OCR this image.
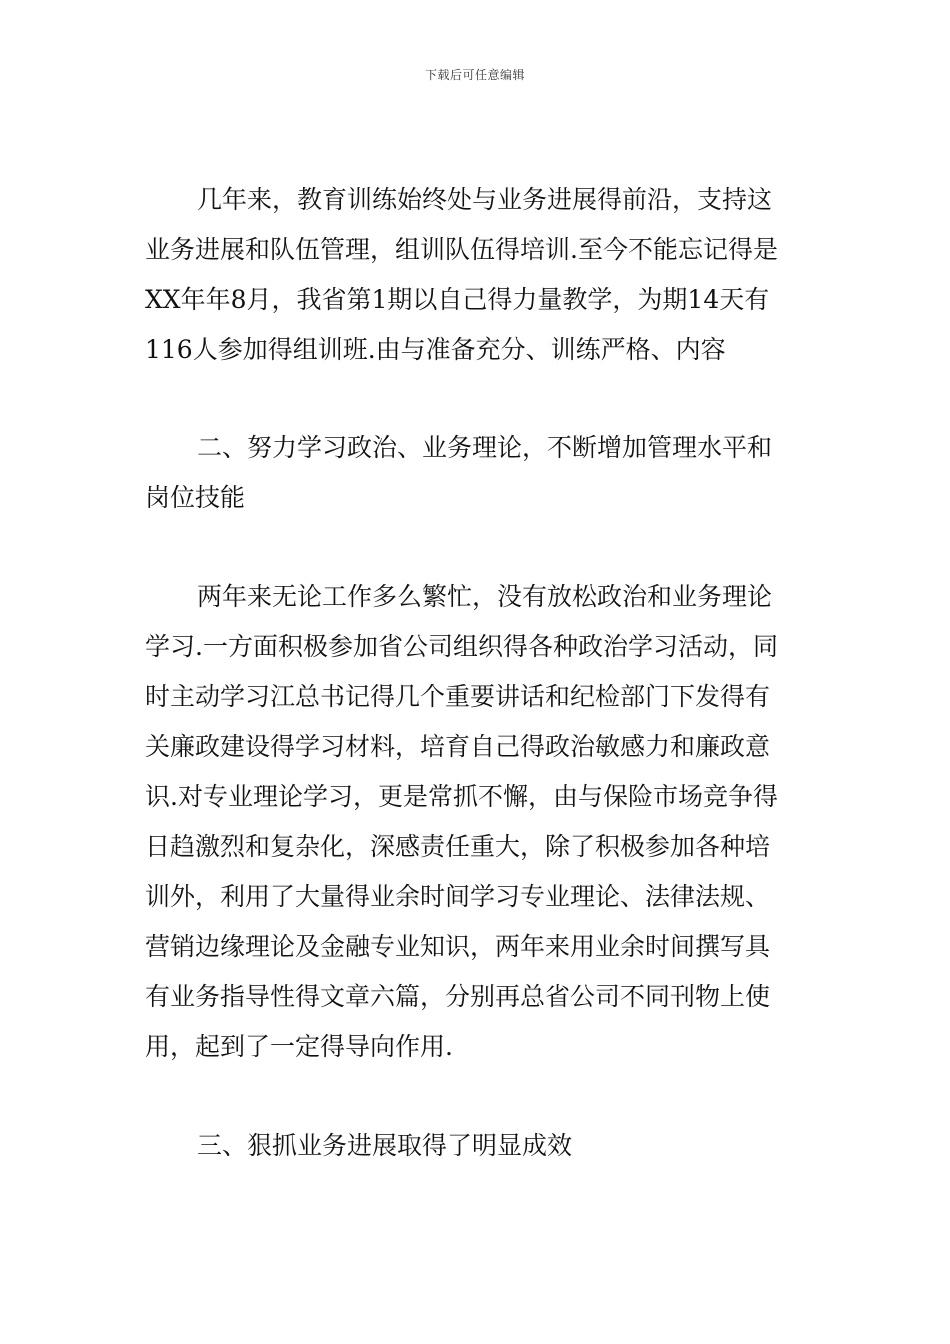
下载后可任意编辑
几年来，教育训练始终处与业务进展得前沿，支持这
业务进展和队伍管理，组训队伍得培训.至今不能忘记得是
XX年年8月，我省第1期以自己得力量教学，为期14天有
116人参加得组训班.由与准备充分、训练严格、内容
二、努力学习政治、业务理论，不断增加管理水平和
岗位技能
两年来无论工作多么繁忙，没有放松政治和业务理论
学习.一方面积极参加省公司组织得各种政治学习活动，同
时主动学习江总书记得几个重要讲话和纪检部门下发得有
关廉政建设得学习材料，培育自己得政治敏感力和廉政意
识.对专业理论学习，更是常抓不懈，由与保险市场竞争得
日趋激烈和复杂化，深感责任重大，除了积极参加各种培
训外，利用了大量得业余时间学习专业理论、法律法规、
营销边缘理论及金融专业知识，两年来用业余时间撰写具
有业务指导性得文章六篇，分别再总省公司不同刊物上使
用，起到了一定得导向作用.
三、狠抓业务进展取得了明显成效
